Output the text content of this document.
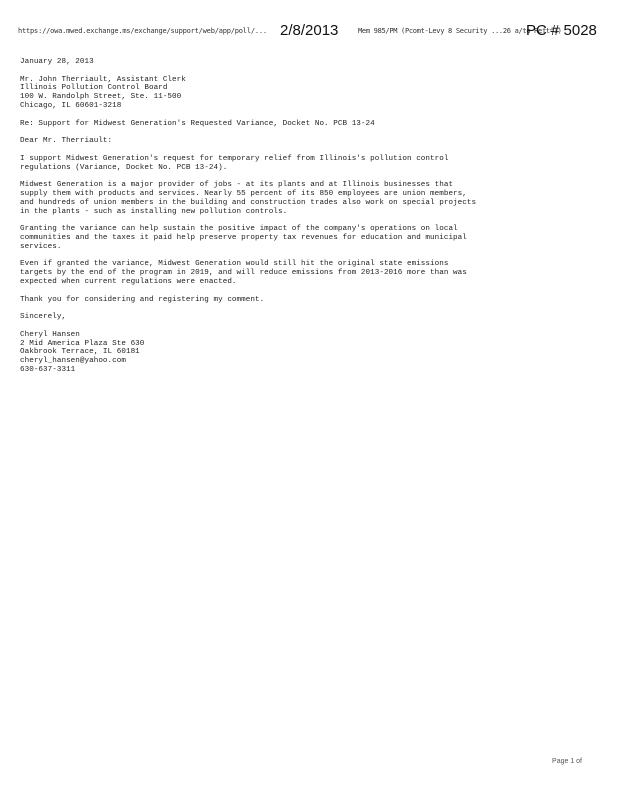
https://owa.mwed.exchange.ms/exchange/support/web/app/poll/... 2/8/2013	Mem 985/PM (Pcomt-Levy 8 Security ...26 a/to Reft=1)
PC # 5028
January 28, 2013
Mr. John Therriault, Assistant Clerk
Illinois Pollution Control Board
100 W. Randolph Street, Ste. 11-500
Chicago, IL 60601-3218
Re: Support for Midwest Generation's Requested Variance, Docket No. PCB 13-24
Dear Mr. Therriault:
I support Midwest Generation's request for temporary relief from Illinois's pollution control
regulations (Variance, Docket No. PCB 13-24).
Midwest Generation is a major provider of jobs - at its plants and at Illinois businesses that
supply them with products and services. Nearly 55 percent of its 850 employees are union members,
and hundreds of union members in the building and construction trades also work on special projects
in the plants - such as installing new pollution controls.
Granting the variance can help sustain the positive impact of the company's operations on local
communities and the taxes it paid help preserve property tax revenues for education and municipal
services.
Even if granted the variance, Midwest Generation would still hit the original state emissions
targets by the end of the program in 2019, and will reduce emissions from 2013-2016 more than was
expected when current regulations were enacted.
Thank you for considering and registering my comment.
Sincerely,
Cheryl Hansen
2 Mid America Plaza Ste 630
Oakbrook Terrace, IL 60181
cheryl_hansen@yahoo.com
630-637-3311
Page 1 of
